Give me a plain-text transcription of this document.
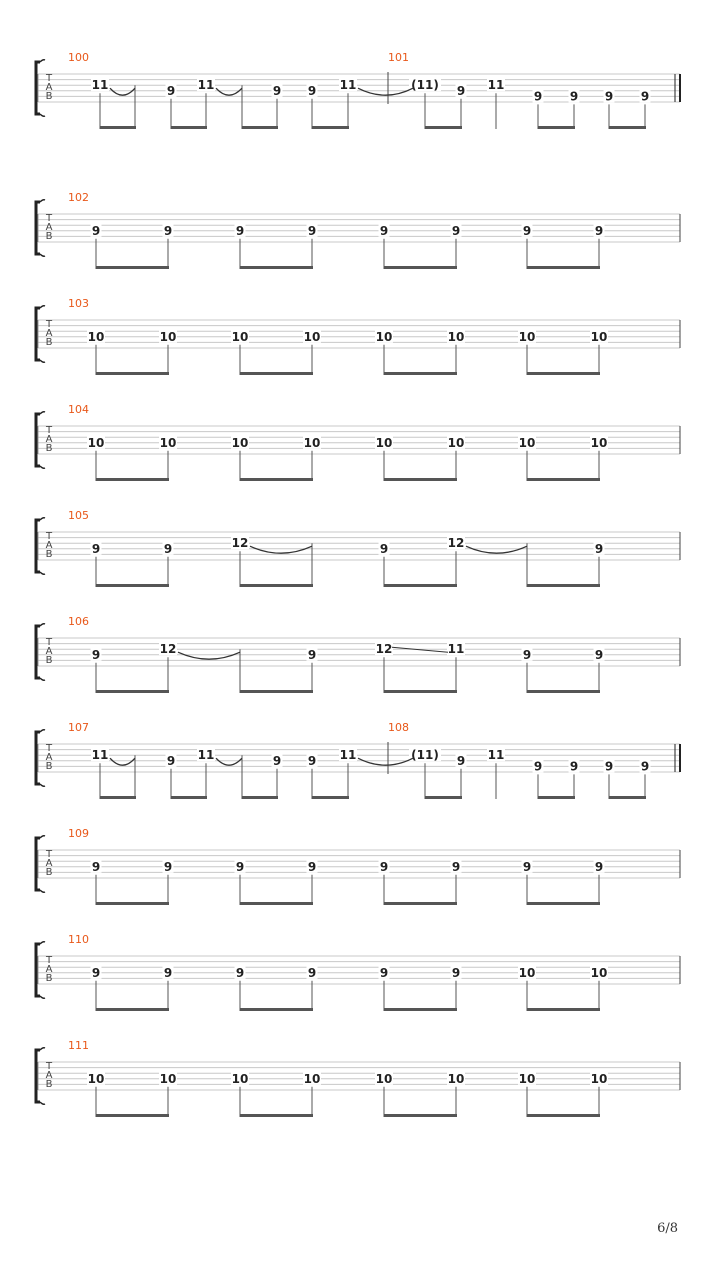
T
A
B
100	101
11	9 11	9 9 11	(11) 9 11
9 9 9 9
T
A
B
102
9	9	9	9	9	9	9	9
T
A
B
103
10	10	10	10	10	10	10	10
T
A
B
104
10	10	10	10	10	10	10	10
T
A
B
105
9	9	12	9	12	9
T
A
B
106
9	12	9	12	11	9	9
T
A
B
107	108
11	9 11	9 9 11	(11) 9 11
9 9 9 9
T
A
B
109
9	9	9	9	9	9	9	9
T
A
B
110
9	9	9	9	9	9	10	10
T
A
B
111
10	10	10	10	10	10	10	10
6/8
